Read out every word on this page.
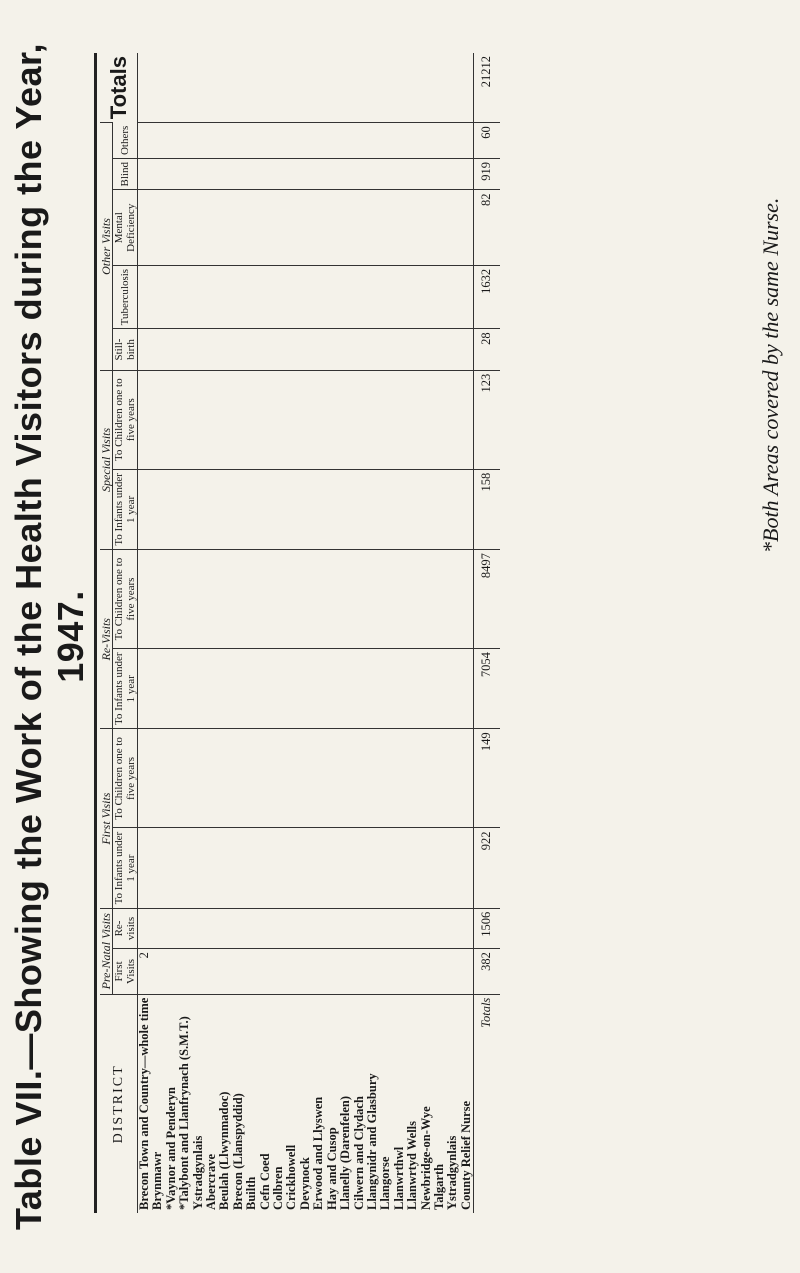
Table VII.—Showing the Work of the Health Visitors during the Year, 1947.
DISTRICT	Pre-Natal Visits		First Visits		Re-Visits		Special Visits		Other Visits					Totals
	First Visits	Re-visits	To Infants under 1 year	To Children one to five years	To Infants under 1 year	To Children one to five years	To Infants under 1 year	To Children one to five years	Still-birth	Tuberculosis	Mental Deficiency	Blind	Others	
Brecon Town and Country—whole time	2													
Brynmawr														
*Vaynor and Penderyn														
*Talybont and Llanfrynach (S.M.T.)														
Ystradgynlais														
Abercrave														
Beulah (Llwynmadoc)														
Brecon (Llanspyddid)														
Builth														
Cefn Coed														
Colbren														
Crickhowell														
Devynock														
Erwood and Llyswen														
Hay and Cusop														
Llanelly (Darenfelen)														
Cilwern and Clydach														
Llangynidr and Glasbury														
Llangorse														
Llanwrthwl														
Llanwrtyd Wells														
Newbridge-on-Wye														
Talgarth														
Ystradgynlais														
County Relief Nurse														
Totals	382	1506	922	149	7054	8497	158	123	28	1632	82	919	60	21212
*Both Areas covered by the same Nurse.
